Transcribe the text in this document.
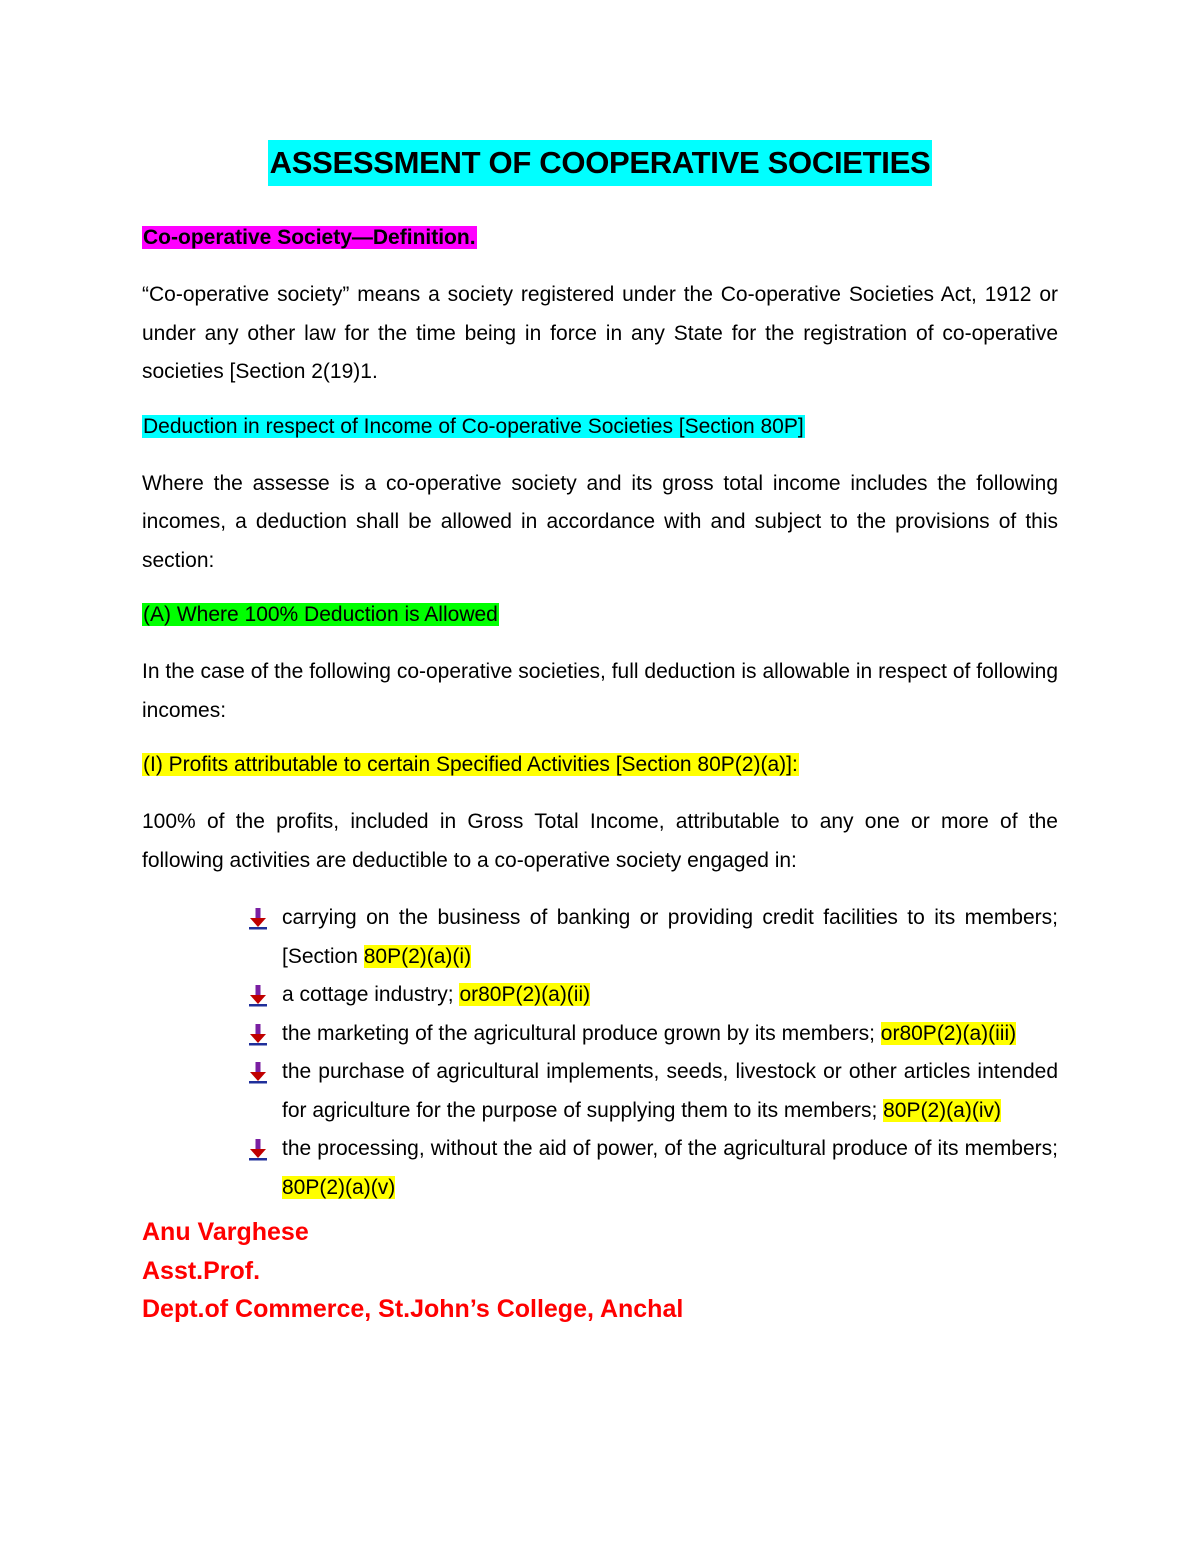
ASSESSMENT OF COOPERATIVE SOCIETIES
Co-operative Society—Definition.

“Co-operative society” means a society registered under the Co-operative Societies Act, 1912 or under any other law for the time being in force in any State for the registration of co-operative societies [Section 2(19)1.

Deduction in respect of Income of Co-operative Societies [Section 80P]

Where the assesse is a co-operative society and its gross total income includes the following incomes, a deduction shall be allowed in accordance with and subject to the provisions of this section:

(A) Where 100% Deduction is Allowed

In the case of the following co-operative societies, full deduction is allowable in respect of following incomes:

(I) Profits attributable to certain Specified Activities [Section 80P(2)(a)]:

100% of the profits, included in Gross Total Income, attributable to any one or more of the following activities are deductible to a co-operative society engaged in:

carrying on the business of banking or providing credit facilities to its members; [Section 80P(2)(a)(i)
a cottage industry; or80P(2)(a)(ii)
the marketing of the agricultural produce grown by its members; or80P(2)(a)(iii)
the purchase of agricultural implements, seeds, livestock or other articles intended for agriculture for the purpose of supplying them to its members; 80P(2)(a)(iv)
the processing, without the aid of power, of the agricultural produce of its members; 80P(2)(a)(v)

Anu Varghese

Asst.Prof.

Dept.of Commerce, St.John’s College, Anchal
